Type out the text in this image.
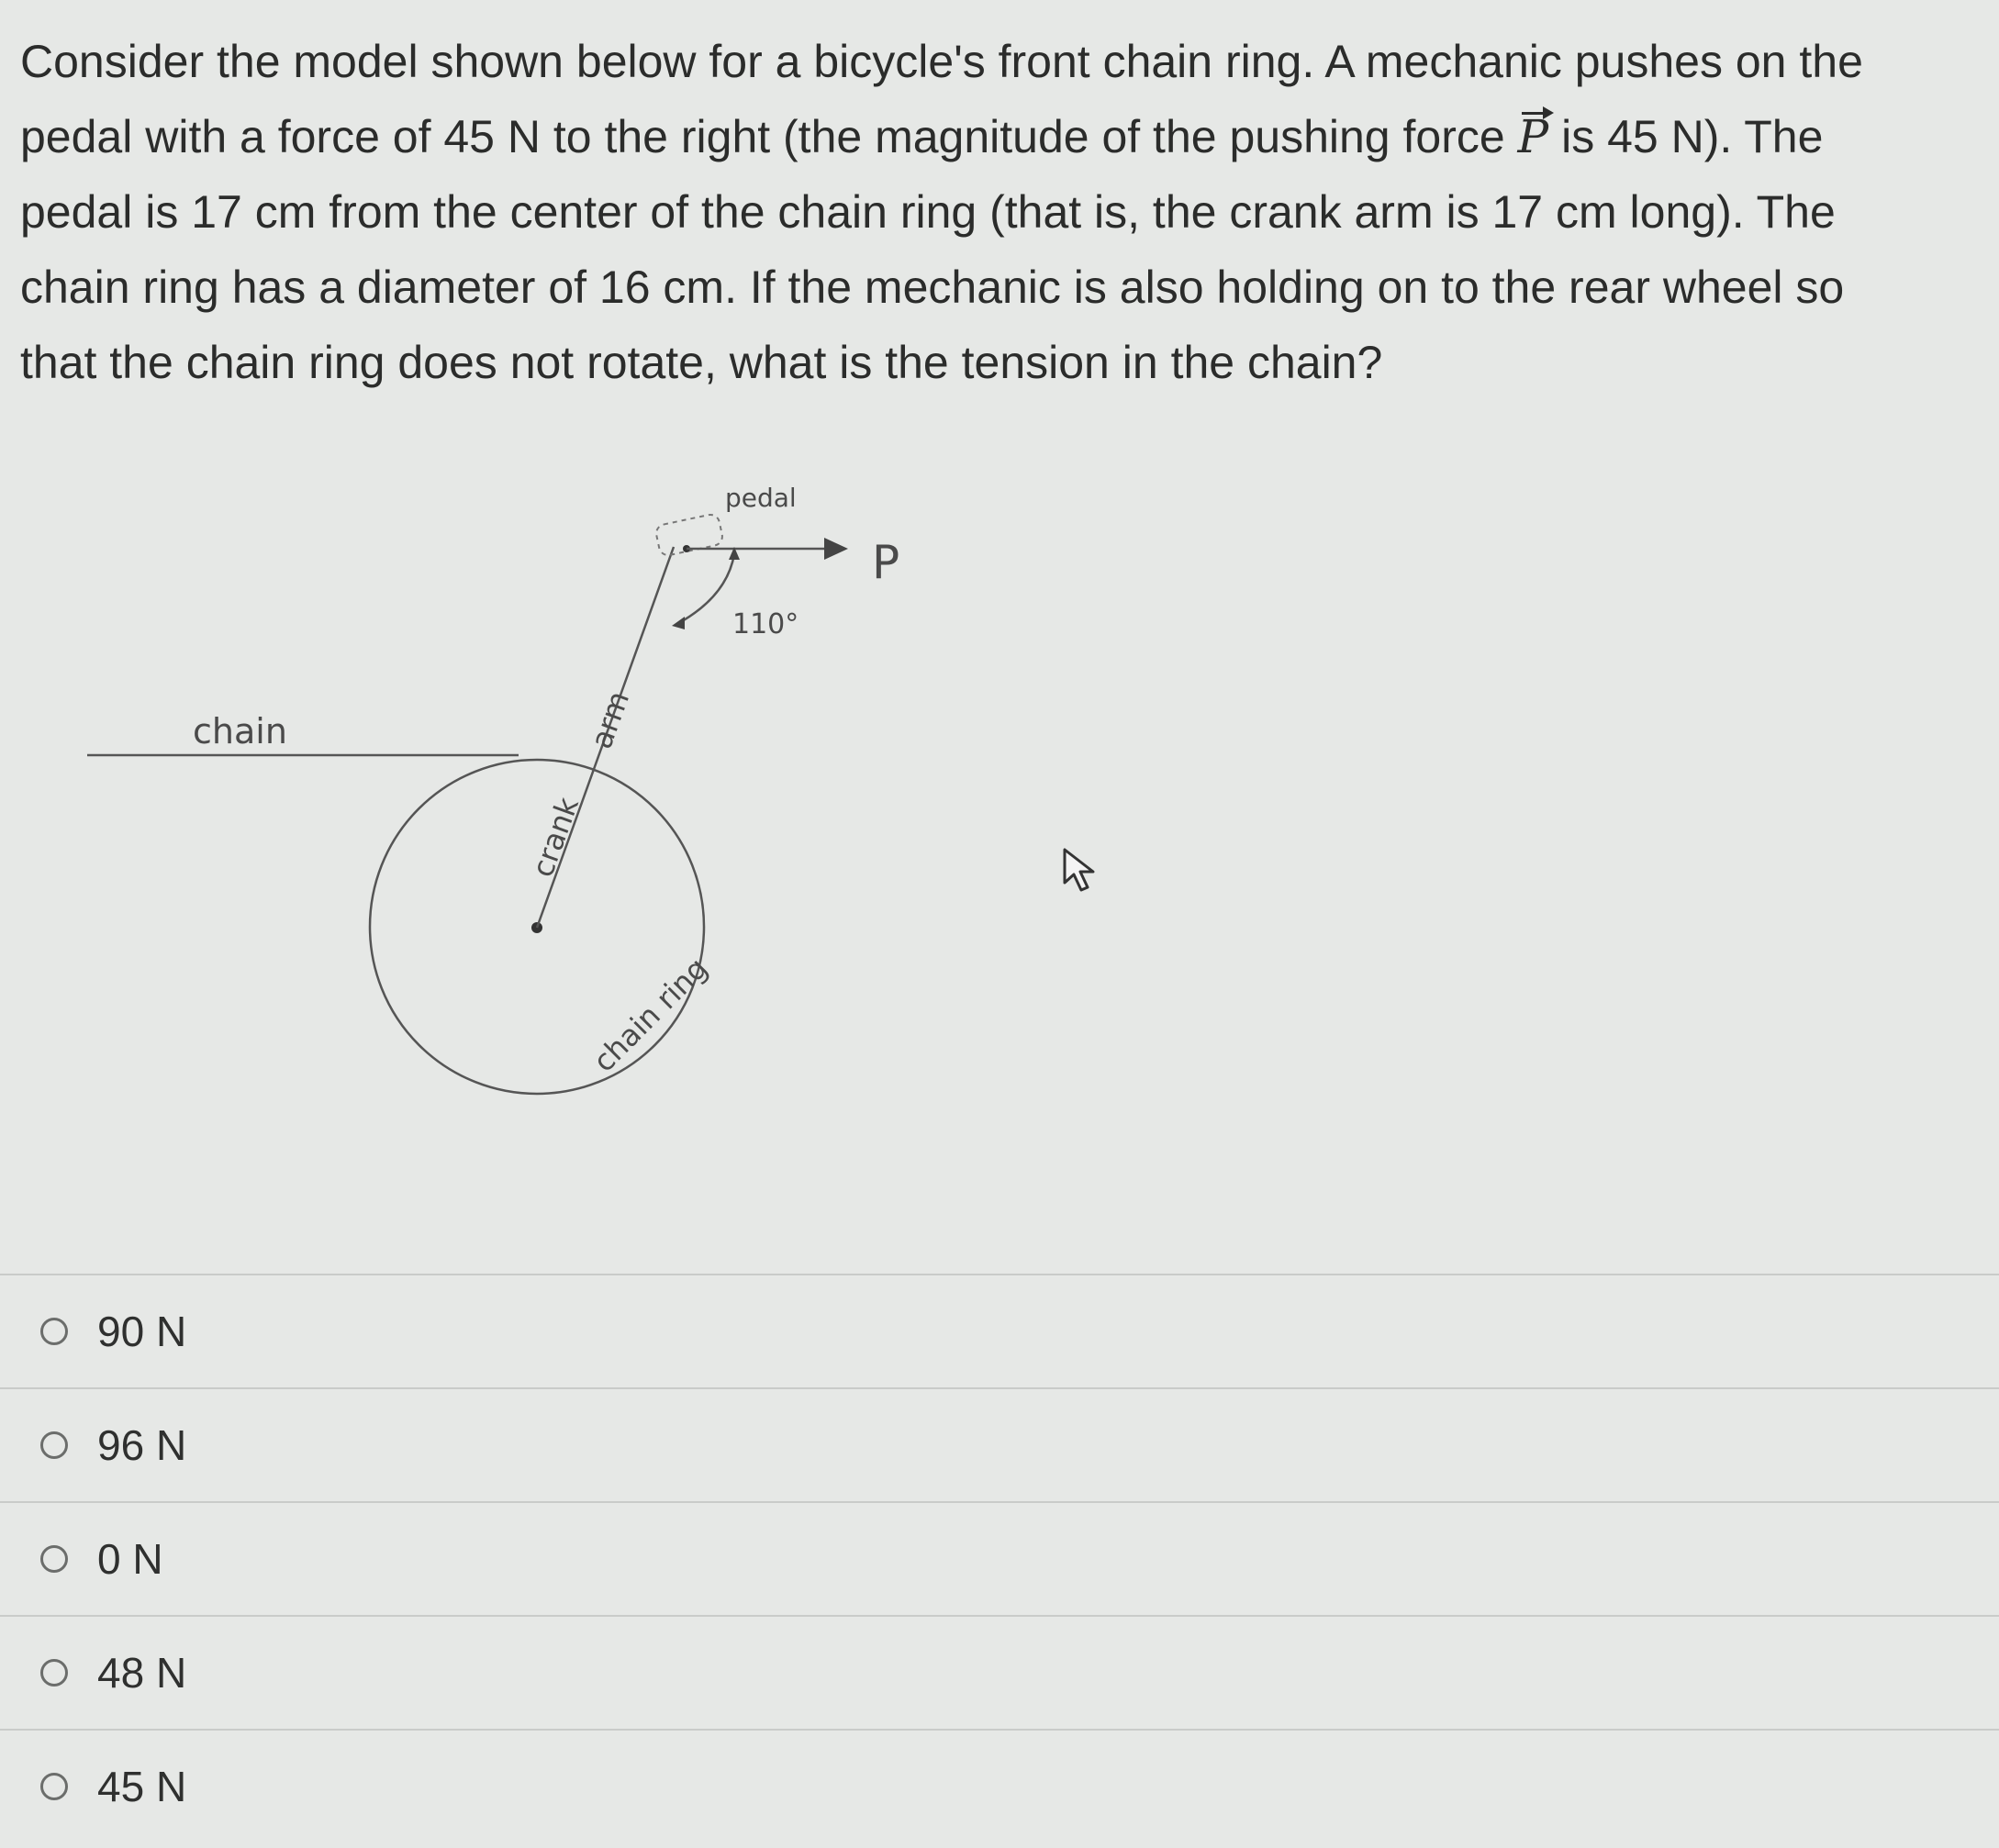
Consider the model shown below for a bicycle's front chain ring. A mechanic pushes on the
pedal with a force of 45 N to the right (the magnitude of the pushing force P is 45 N). The
pedal is 17 cm from the center of the chain ring (that is, the crank arm is 17 cm long). The
chain ring has a diameter of 16 cm. If the mechanic is also holding on to the rear wheel so
that the chain ring does not rotate, what is the tension in the chain?
chain
crank
arm
chain ring
pedal
P
110°
90 N
96 N
0 N
48 N
45 N
